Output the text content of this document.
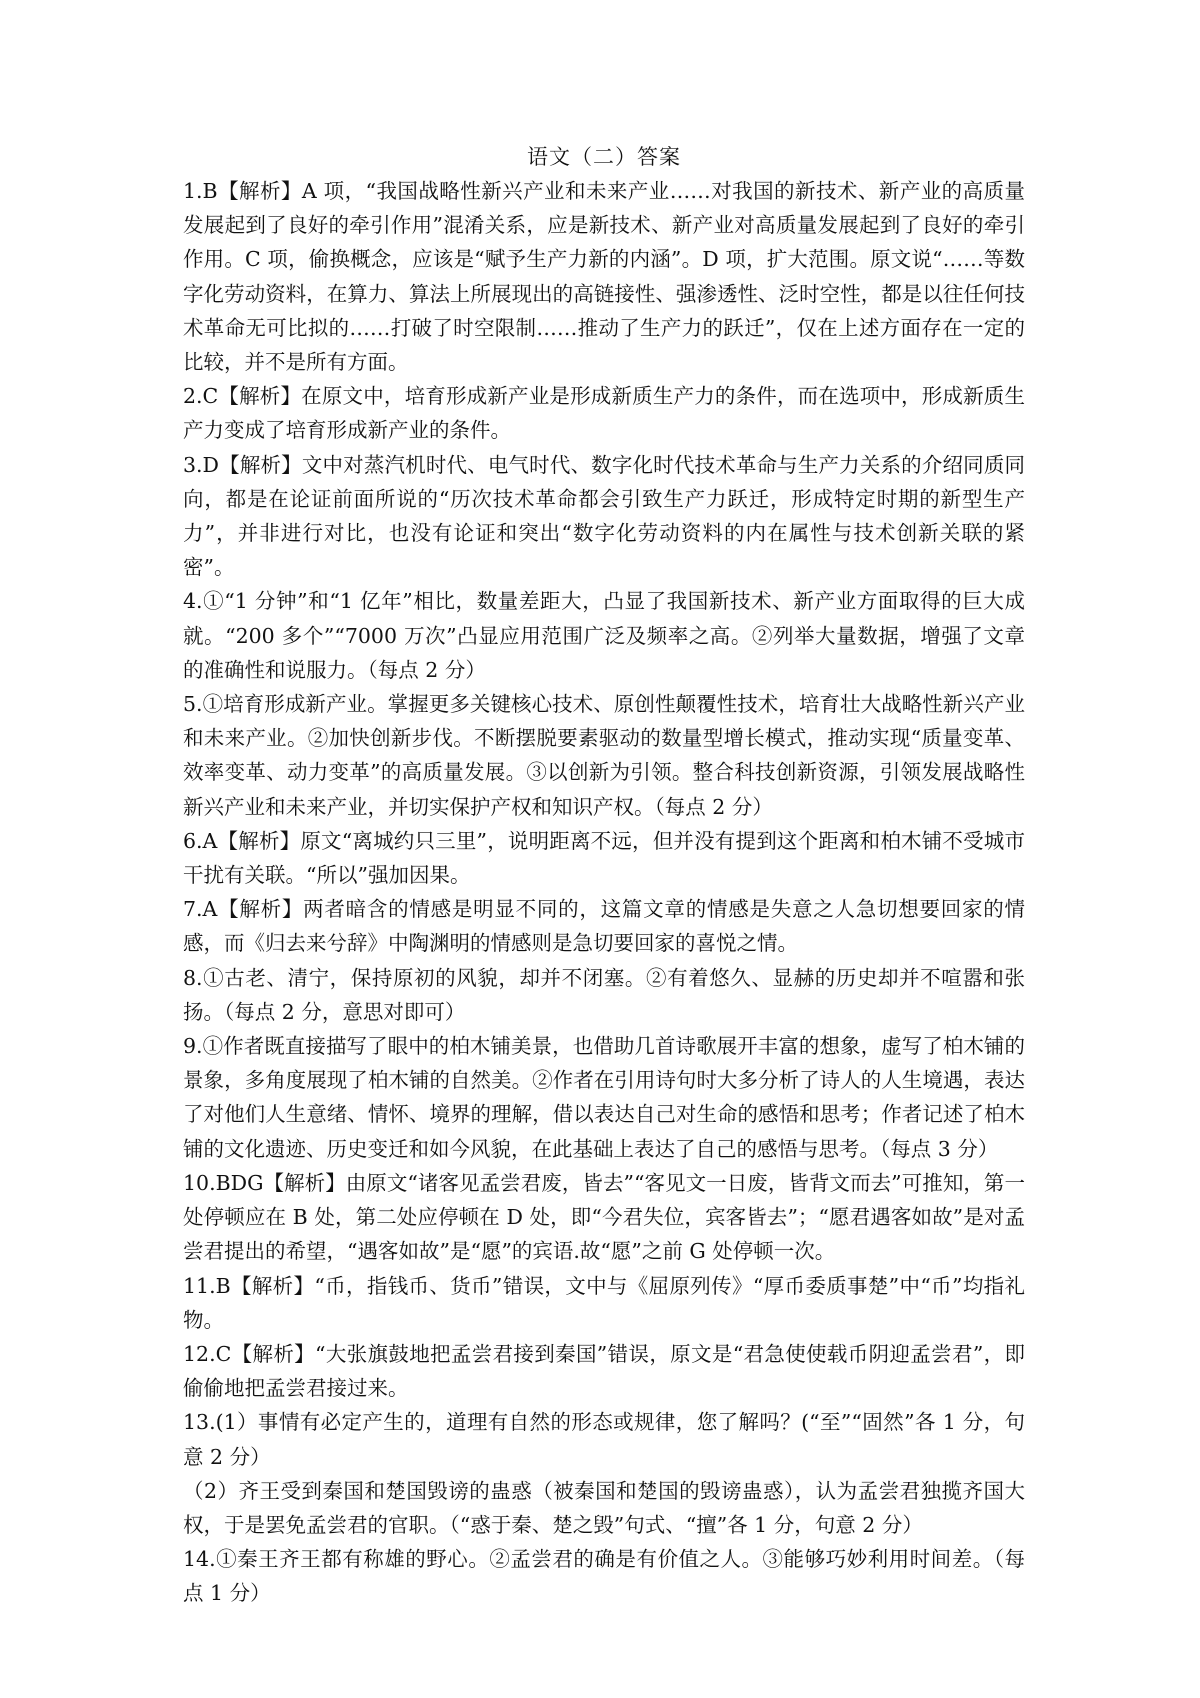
语文（二）答案

1.B【解析】A 项，“我国战略性新兴产业和未来产业……对我国的新技术、新产业的高质量发展起到了良好的牵引作用”混淆关系，应是新技术、新产业对高质量发展起到了良好的牵引作用。C 项，偷换概念，应该是“赋予生产力新的内涵”。D 项，扩大范围。原文说“……等数字化劳动资料，在算力、算法上所展现出的高链接性、强渗透性、泛时空性，都是以往任何技术革命无可比拟的……打破了时空限制……推动了生产力的跃迁”，仅在上述方面存在一定的比较，并不是所有方面。

2.C【解析】在原文中，培育形成新产业是形成新质生产力的条件，而在选项中，形成新质生产力变成了培育形成新产业的条件。

3.D【解析】文中对蒸汽机时代、电气时代、数字化时代技术革命与生产力关系的介绍同质同向，都是在论证前面所说的“历次技术革命都会引致生产力跃迁，形成特定时期的新型生产力”，并非进行对比，也没有论证和突出“数字化劳动资料的内在属性与技术创新关联的紧密”。

4.①“1 分钟”和“1 亿年”相比，数量差距大，凸显了我国新技术、新产业方面取得的巨大成就。“200 多个”“7000 万次”凸显应用范围广泛及频率之高。②列举大量数据，增强了文章的准确性和说服力。（每点 2 分）

5.①培育形成新产业。掌握更多关键核心技术、原创性颠覆性技术，培育壮大战略性新兴产业和未来产业。②加快创新步伐。不断摆脱要素驱动的数量型增长模式，推动实现“质量变革、效率变革、动力变革”的高质量发展。③以创新为引领。整合科技创新资源，引领发展战略性新兴产业和未来产业，并切实保护产权和知识产权。（每点 2 分）

6.A【解析】原文“离城约只三里”，说明距离不远，但并没有提到这个距离和柏木铺不受城市干扰有关联。“所以”强加因果。

7.A【解析】两者暗含的情感是明显不同的，这篇文章的情感是失意之人急切想要回家的情感，而《归去来兮辞》中陶渊明的情感则是急切要回家的喜悦之情。

8.①古老、清宁，保持原初的风貌，却并不闭塞。②有着悠久、显赫的历史却并不喧嚣和张扬。（每点 2 分，意思对即可）

9.①作者既直接描写了眼中的柏木铺美景，也借助几首诗歌展开丰富的想象，虚写了柏木铺的景象，多角度展现了柏木铺的自然美。②作者在引用诗句时大多分析了诗人的人生境遇，表达了对他们人生意绪、情怀、境界的理解，借以表达自己对生命的感悟和思考；作者记述了柏木铺的文化遗迹、历史变迁和如今风貌，在此基础上表达了自己的感悟与思考。（每点 3 分）

10.BDG【解析】由原文“诸客见孟尝君废，皆去”“客见文一日废，皆背文而去”可推知，第一处停顿应在 B 处，第二处应停顿在 D 处，即“今君失位，宾客皆去”；“愿君遇客如故”是对孟尝君提出的希望，“遇客如故”是“愿”的宾语.故“愿”之前 G 处停顿一次。

11.B【解析】“币，指钱币、货币”错误，文中与《屈原列传》“厚币委质事楚”中“币”均指礼物。

12.C【解析】“大张旗鼓地把孟尝君接到秦国”错误，原文是“君急使使载币阴迎孟尝君”，即偷偷地把孟尝君接过来。

13.(1）事情有必定产生的，道理有自然的形态或规律，您了解吗？(“至”“固然”各 1 分，句意 2 分）

（2）齐王受到秦国和楚国毁谤的蛊惑（被秦国和楚国的毁谤蛊惑），认为孟尝君独揽齐国大权，于是罢免孟尝君的官职。（“惑于秦、楚之毁”句式、“擅”各 1 分，句意 2 分）

14.①秦王齐王都有称雄的野心。②孟尝君的确是有价值之人。③能够巧妙利用时间差。（每点 1 分）
